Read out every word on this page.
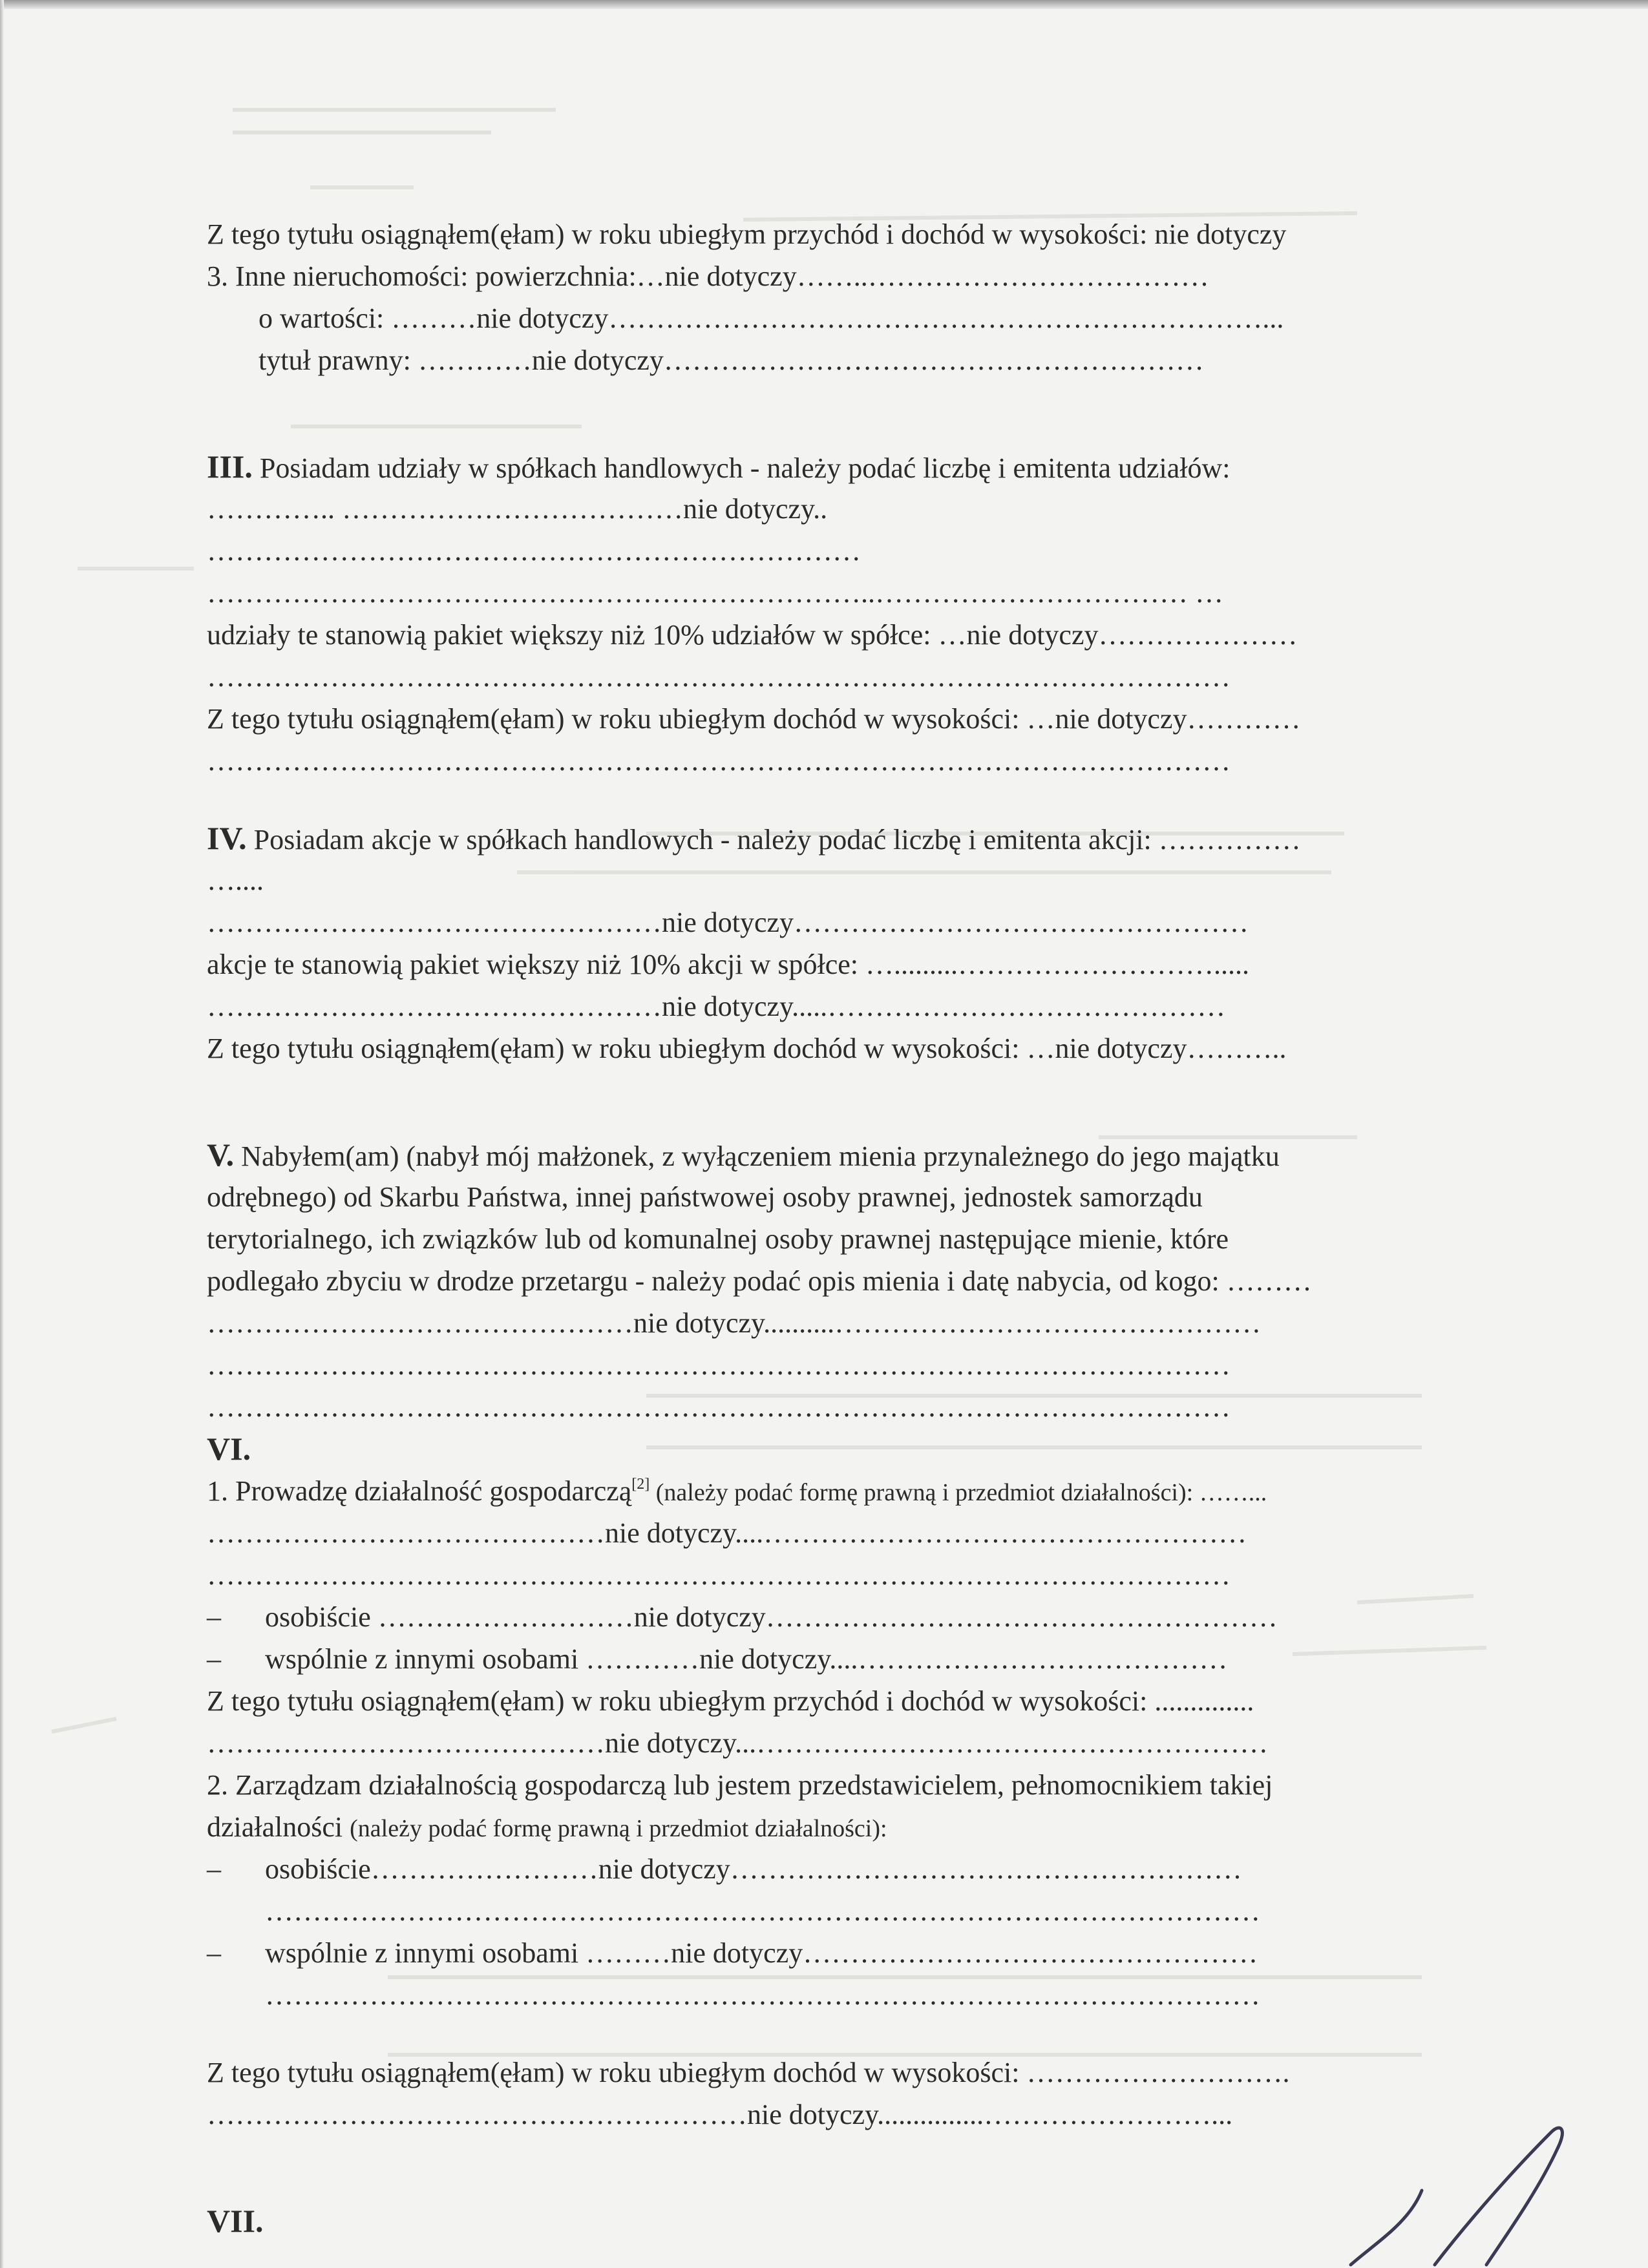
Z tego tytułu osiągnąłem(ęłam) w roku ubiegłym przychód i dochód w wysokości: nie dotyczy
3. Inne nieruchomości: powierzchnia:…nie dotyczy……..………………………………
o wartości: ………nie dotyczy……………………………………………………………...
tytuł prawny: …………nie dotyczy…………………………………………………
III. Posiadam udziały w spółkach handlowych - należy podać liczbę i emitenta udziałów:
………….. ………………………………nie dotyczy..
……………………………………………………………
……………………………………………………………..…………………………… …
udziały te stanowią pakiet większy niż 10% udziałów w spółce: …nie dotyczy…………………
………………………………………………………………………………………………
Z tego tytułu osiągnąłem(ęłam) w roku ubiegłym dochód w wysokości: …nie dotyczy…………
………………………………………………………………………………………………
IV. Posiadam akcje w spółkach handlowych - należy podać liczbę i emitenta akcji: ……………
…....
…………………………………………nie dotyczy…………………………………………
akcje te stanowią pakiet większy niż 10% akcji w spółce: ….........……………………….....
…………………………………………nie dotyczy.....……………………………………
Z tego tytułu osiągnąłem(ęłam) w roku ubiegłym dochód w wysokości: …nie dotyczy………..
V. Nabyłem(am) (nabył mój małżonek, z wyłączeniem mienia przynależnego do jego majątku
odrębnego) od Skarbu Państwa, innej państwowej osoby prawnej, jednostek samorządu
terytorialnego, ich związków lub od komunalnej osoby prawnej następujące mienie, które
podlegało zbyciu w drodze przetargu - należy podać opis mienia i datę nabycia, od kogo: ………
………………………………………nie dotyczy..........………………………………………
………………………………………………………………………………………………
………………………………………………………………………………………………
VI.
1. Prowadzę działalność gospodarczą[2] (należy podać formę prawną i przedmiot działalności): ……...
……………………………………nie dotyczy....……………………………………………
………………………………………………………………………………………………
– osobiście ………………………nie dotyczy………………………………………………
– wspólnie z innymi osobami …………nie dotyczy....…………………………………
Z tego tytułu osiągnąłem(ęłam) w roku ubiegłym przychód i dochód w wysokości: ..............
……………………………………nie dotyczy...………………………………………………
2. Zarządzam działalnością gospodarczą lub jestem przedstawicielem, pełnomocnikiem takiej
działalności (należy podać formę prawną i przedmiot działalności):
– osobiście……………………nie dotyczy………………………………………………
……………………………………………………………………………………………
– wspólnie z innymi osobami ………nie dotyczy…………………………………………
……………………………………………………………………………………………
Z tego tytułu osiągnąłem(ęłam) w roku ubiegłym dochód w wysokości: ……………………….
…………………………………………………nie dotyczy...............……………………...
VII.
